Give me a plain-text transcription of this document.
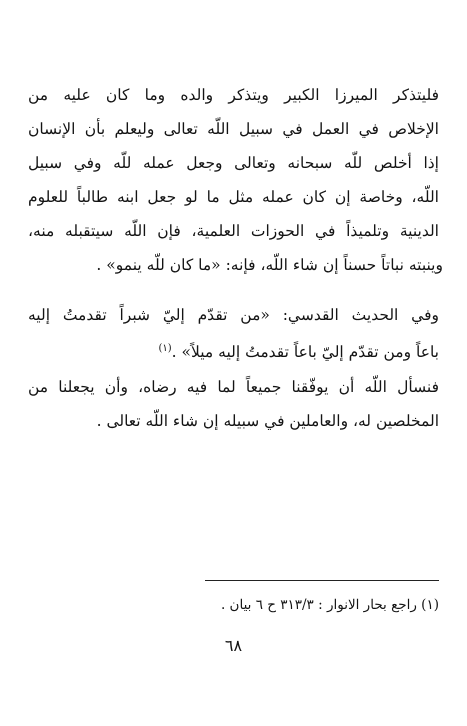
فليتذكر الميرزا الكبير ويتذكر والده وما كان عليه من
الإخلاص في العمل في سبيل اللّه تعالى وليعلم بأن الإنسان
إذا أخلص للّه سبحانه وتعالى وجعل عمله للّه وفي سبيل
اللّه، وخاصة إن كان عمله مثل ما لو جعل ابنه طالباً للعلوم
الدينية وتلميذاً في الحوزات العلمية، فإن اللّه سيتقبله منه،
وينبته نباتاً حسناً إن شاء اللّه، فإنه: «ما كان للّه ينمو» .
وفي الحديث القدسي: «من تقدّم إليّ شبراً تقدمتُ إليه
باعاً ومن تقدّم إليّ باعاً تقدمتُ إليه ميلاً» .$^{(١)}$
فنسأل اللّه أن يوفّقنا جميعاً لما فيه رضاه، وأن يجعلنا من
المخلصين له، والعاملين في سبيله إن شاء اللّه تعالى .
(١) راجع بحار الانوار : ٣١٣/٣ ح ٦ بيان .
٦٨
